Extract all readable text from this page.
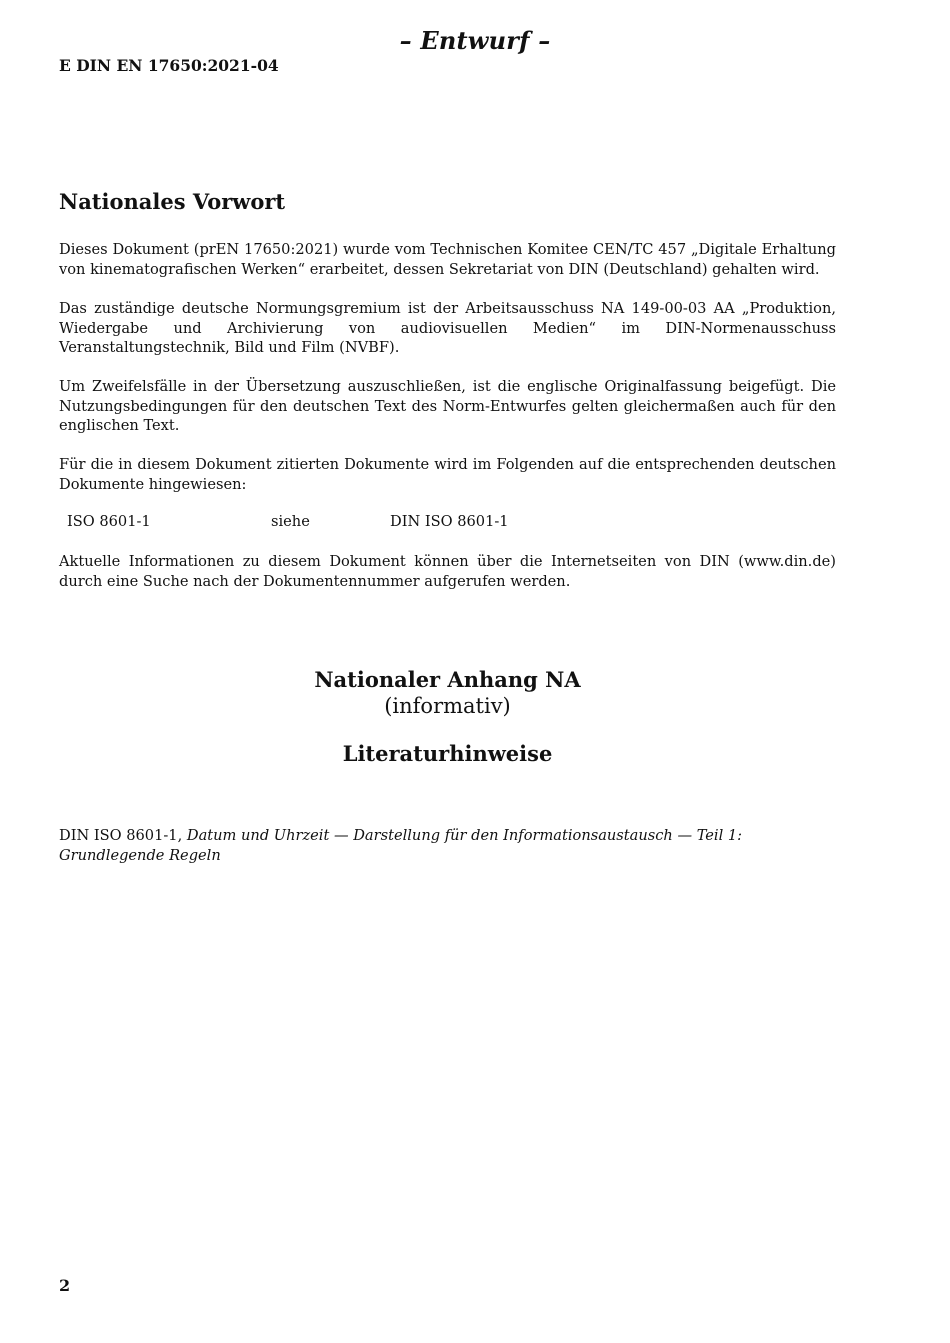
– Entwurf –
E DIN EN 17650:2021-04
Nationales Vorwort

Dieses Dokument (prEN 17650:2021) wurde vom Technischen Komitee CEN/TC 457 „Digitale Erhaltung von kinematografischen Werken“ erarbeitet, dessen Sekretariat von DIN (Deutschland) gehalten wird.

Das zuständige deutsche Normungsgremium ist der Arbeitsausschuss NA 149-00-03 AA „Produktion, Wiedergabe und Archivierung von audiovisuellen Medien“ im DIN-Normenausschuss Veranstaltungstechnik, Bild und Film (NVBF).

Um Zweifelsfälle in der Übersetzung auszuschließen, ist die englische Originalfassung beigefügt. Die Nutzungsbedingungen für den deutschen Text des Norm-Entwurfes gelten gleichermaßen auch für den englischen Text.

Für die in diesem Dokument zitierten Dokumente wird im Folgenden auf die entsprechenden deutschen Dokumente hingewiesen:

ISO 8601-1	siehe	DIN ISO 8601-1

Aktuelle Informationen zu diesem Dokument können über die Internetseiten von DIN (www.din.de) durch eine Suche nach der Dokumentennummer aufgerufen werden.

Nationaler Anhang NA
(informativ)
Literaturhinweise

DIN ISO 8601-1, Datum und Uhrzeit — Darstellung für den Informationsaustausch — Teil 1: Grundlegende Regeln

2
